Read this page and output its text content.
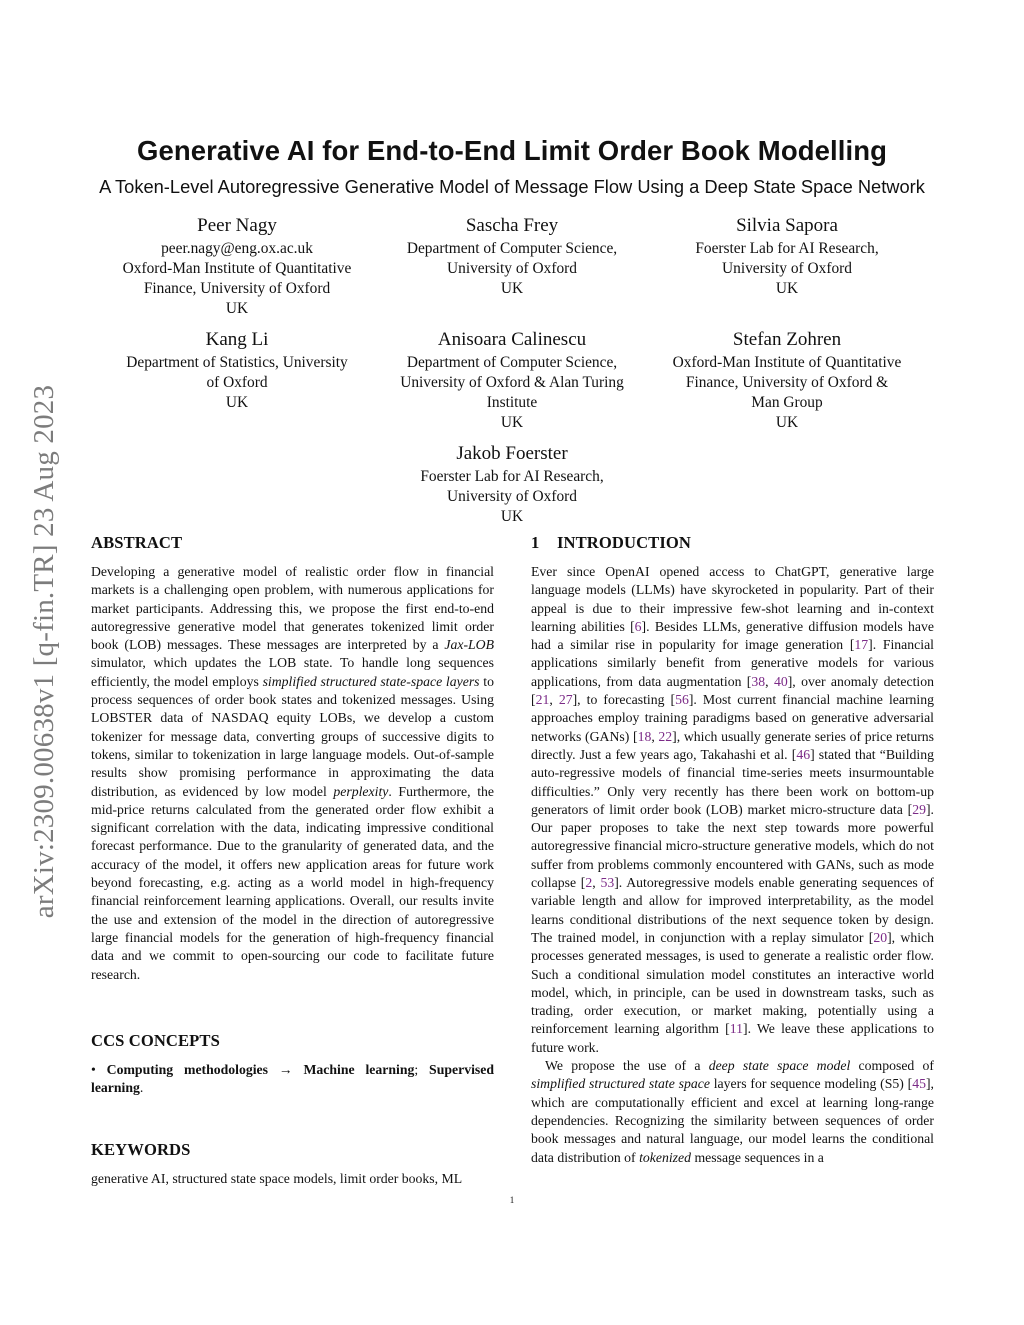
arXiv:2309.00638v1 [q-fin.TR] 23 Aug 2023
Generative AI for End-to-End Limit Order Book Modelling
A Token-Level Autoregressive Generative Model of Message Flow Using a Deep State Space Network
Peer Nagy
peer.nagy@eng.ox.ac.uk
Oxford-Man Institute of Quantitative
Finance, University of Oxford
UK
Sascha Frey
Department of Computer Science,
University of Oxford
UK
Silvia Sapora
Foerster Lab for AI Research,
University of Oxford
UK
Kang Li
Department of Statistics, University
of Oxford
UK
Anisoara Calinescu
Department of Computer Science,
University of Oxford & Alan Turing
Institute
UK
Stefan Zohren
Oxford-Man Institute of Quantitative
Finance, University of Oxford &
Man Group
UK
Jakob Foerster
Foerster Lab for AI Research,
University of Oxford
UK
ABSTRACT

Developing a generative model of realistic order flow in financial markets is a challenging open problem, with numerous applications for market participants. Addressing this, we propose the first end-to-end autoregressive generative model that generates tokenized limit order book (LOB) messages. These messages are interpreted by a Jax-LOB simulator, which updates the LOB state. To handle long sequences efficiently, the model employs simplified structured state-space layers to process sequences of order book states and tokenized messages. Using LOBSTER data of NASDAQ equity LOBs, we develop a custom tokenizer for message data, converting groups of successive digits to tokens, similar to tokenization in large language models. Out-of-sample results show promising performance in approximating the data distribution, as evidenced by low model perplexity. Furthermore, the mid-price returns calculated from the generated order flow exhibit a significant correlation with the data, indicating impressive conditional forecast performance. Due to the granularity of generated data, and the accuracy of the model, it offers new application areas for future work beyond forecasting, e.g. acting as a world model in high-frequency financial reinforcement learning applications. Overall, our results invite the use and extension of the model in the direction of autoregressive large financial models for the generation of high-frequency financial data and we commit to open-sourcing our code to facilitate future research.

CCS CONCEPTS

• Computing methodologies → Machine learning; Supervised learning.

KEYWORDS

generative AI, structured state space models, limit order books, ML

1 INTRODUCTION

Ever since OpenAI opened access to ChatGPT, generative large language models (LLMs) have skyrocketed in popularity. Part of their appeal is due to their impressive few-shot learning and in-context learning abilities [6]. Besides LLMs, generative diffusion models have had a similar rise in popularity for image generation [17]. Financial applications similarly benefit from generative models for various applications, from data augmentation [38, 40], over anomaly detection [21, 27], to forecasting [56]. Most current financial machine learning approaches employ training paradigms based on generative adversarial networks (GANs) [18, 22], which usually generate series of price returns directly. Just a few years ago, Takahashi et al. [46] stated that “Building auto-regressive models of financial time-series meets insurmountable difficulties.” Only very recently has there been work on bottom-up generators of limit order book (LOB) market micro-structure data [29]. Our paper proposes to take the next step towards more powerful autoregressive financial micro-structure generative models, which do not suffer from problems commonly encountered with GANs, such as mode collapse [2, 53]. Autoregressive models enable generating sequences of variable length and allow for improved interpretability, as the model learns conditional distributions of the next sequence token by design. The trained model, in conjunction with a replay simulator [20], which processes generated messages, is used to generate a realistic order flow. Such a conditional simulation model constitutes an interactive world model, which, in principle, can be used in downstream tasks, such as trading, order execution, or market making, potentially using a reinforcement learning algorithm [11]. We leave these applications to future work.

We propose the use of a deep state space model composed of simplified structured state space layers for sequence modeling (S5) [45], which are computationally efficient and excel at learning long-range dependencies. Recognizing the similarity between sequences of order book messages and natural language, our model learns the conditional data distribution of tokenized message sequences in a

1
